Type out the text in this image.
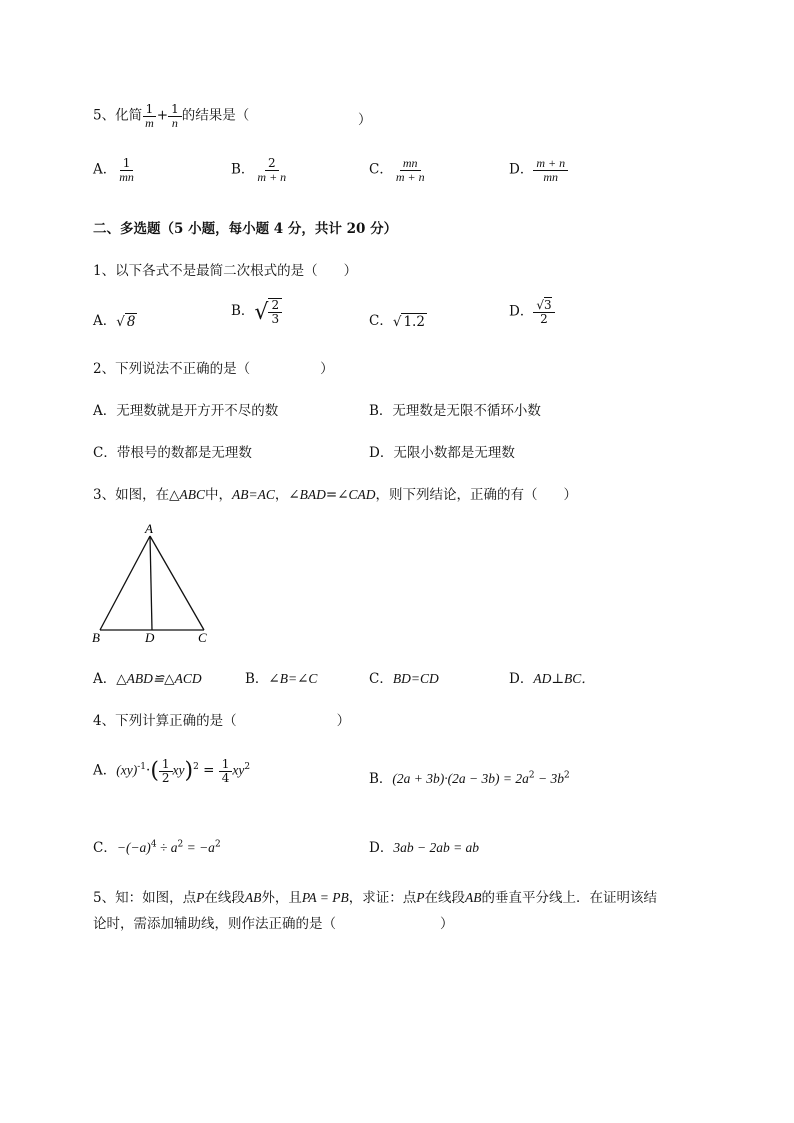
5、化简 $\frac{1}{m} + \frac{1}{n}$ 的结果是（	）
A． $\frac{1}{mn}$	B． $\frac{2}{m + n}$	C． $\frac{mn}{m + n}$	D． $\frac{m + n}{mn}$
二、多选题（5 小题，每小题 4 分，共计 20 分）
1、以下各式不是最简二次根式的是（ ）
A． √ 8
B． √ $\frac{2}{3}$	C． √ 1.2
D． $\frac{√3}{2}$
2、下列说法不正确的是（	）
A．无理数就是开方开不尽的数	B．无理数是无限不循环小数
C．带根号的数都是无理数	D．无限小数都是无理数
3、如图，在△ABC中，AB=AC，∠BAD=∠CAD，则下列结论，正确的有（ ）
A
B	D	C
A．△ABD≌△ACD	B．∠B=∠C	C．BD=CD	D．AD⊥BC．
4、下列计算正确的是（	）
A．$(xy)^{-1}\cdot( \frac{1}{2} xy)^2 = \frac{1}{4} xy^2$
B．$(2a + 3b)\cdot(2a - 3b) = 2a^2 - 3b^2$
C．$-(-a)^4 \div a^2 = -a^2$	D．3ab − 2ab = ab
5、知：如图，点P在线段AB外，且PA = PB，求证：点P在线段AB的垂直平分线上．在证明该结
论时，需添加辅助线，则作法正确的是（	）
